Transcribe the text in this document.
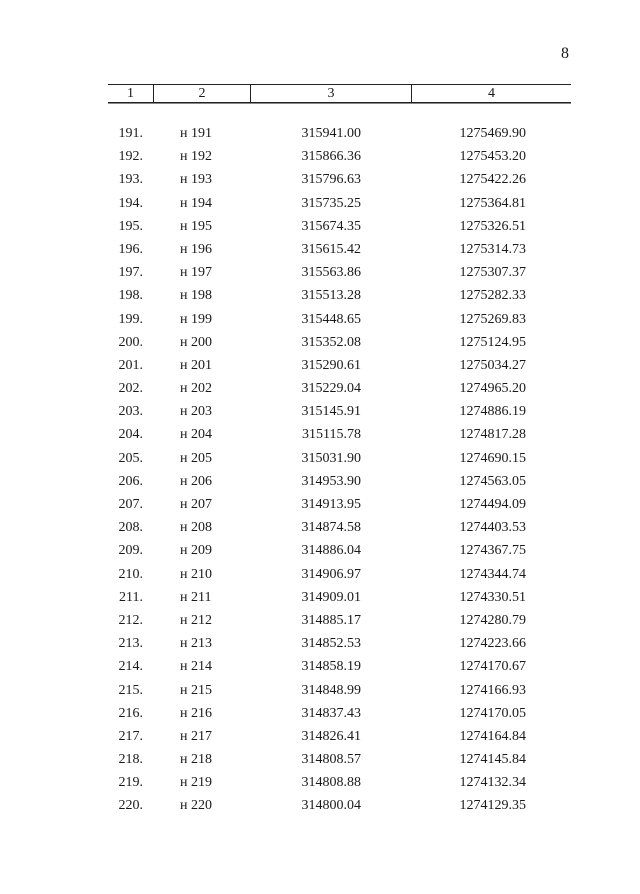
8
1	2	3	4
191.	н 191	315941.00	1275469.90
192.	н 192	315866.36	1275453.20
193.	н 193	315796.63	1275422.26
194.	н 194	315735.25	1275364.81
195.	н 195	315674.35	1275326.51
196.	н 196	315615.42	1275314.73
197.	н 197	315563.86	1275307.37
198.	н 198	315513.28	1275282.33
199.	н 199	315448.65	1275269.83
200.	н 200	315352.08	1275124.95
201.	н 201	315290.61	1275034.27
202.	н 202	315229.04	1274965.20
203.	н 203	315145.91	1274886.19
204.	н 204	315115.78	1274817.28
205.	н 205	315031.90	1274690.15
206.	н 206	314953.90	1274563.05
207.	н 207	314913.95	1274494.09
208.	н 208	314874.58	1274403.53
209.	н 209	314886.04	1274367.75
210.	н 210	314906.97	1274344.74
211.	н 211	314909.01	1274330.51
212.	н 212	314885.17	1274280.79
213.	н 213	314852.53	1274223.66
214.	н 214	314858.19	1274170.67
215.	н 215	314848.99	1274166.93
216.	н 216	314837.43	1274170.05
217.	н 217	314826.41	1274164.84
218.	н 218	314808.57	1274145.84
219.	н 219	314808.88	1274132.34
220.	н 220	314800.04	1274129.35
